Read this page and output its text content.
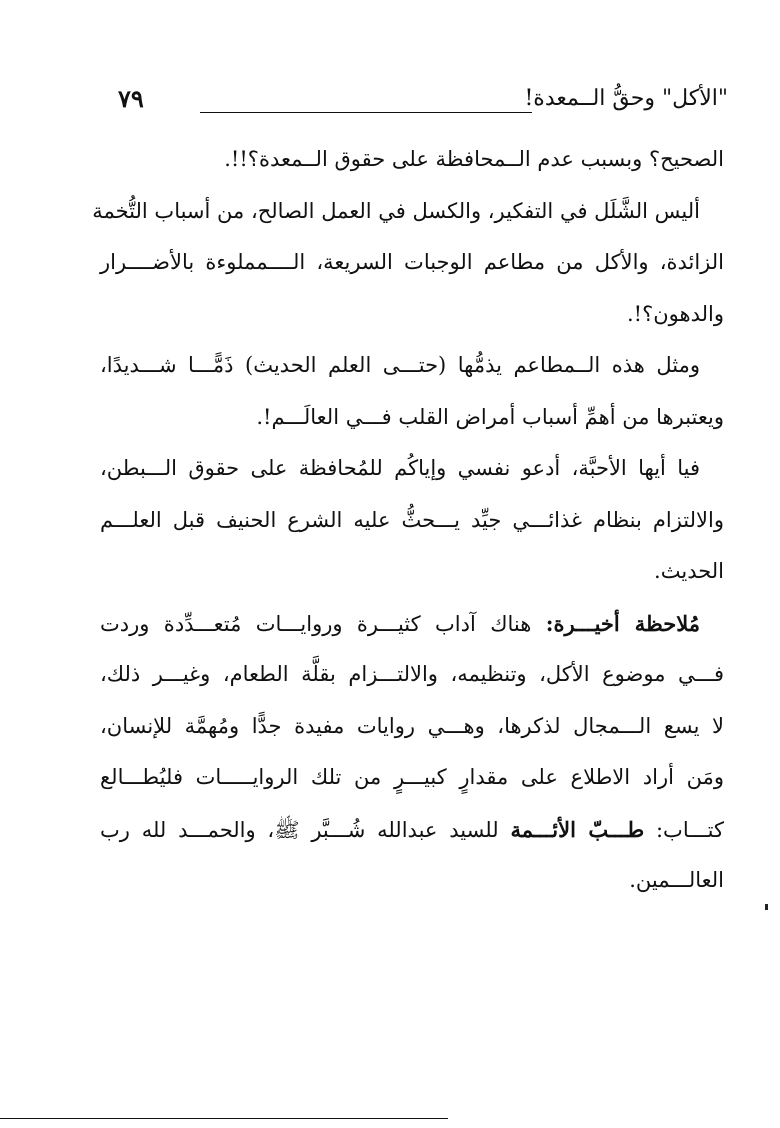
"الأكل" وحقُّ الــمعدة!
٧٩
الصحيح؟ وبسبب عدم الــمحافظة على حقوق الــمعدة؟!!.
أليس الشَّلَل في التفكير، والكسل في العمل الصالح، من أسباب التُّخمة
الزائدة، والأكل من مطاعم الوجبات السريعة، الــــمملوءة بالأضــــرار
والدهون؟!.
ومثل هذه الــمطاعم يذمُّها (حتـــى العلم الحديث) ذَمًّـــا شـــديدًا،
ويعتبرها من أهمِّ أسباب أمراض القلب فـــي العالَـــم!.
فيا أيها الأحبَّة، أدعو نفسي وإياكُم للمُحافظة على حقوق الـــبطن،
والالتزام بنظام غذائـــي جيِّد يـــحثُّ عليه الشرع الحنيف قبل العلـــم
الحديث.
مُلاحظة أخيـــرة: هناك آداب كثيـــرة وروايـــات مُتعـــدِّدة وردت
فـــي موضوع الأكل، وتنظيمه، والالتـــزام بقلَّة الطعام، وغيـــر ذلك،
لا يسع الـــمجال لذكرها، وهـــي روايات مفيدة جدًّا ومُهمَّة للإنسان،
ومَن أراد الاطلاع على مقدارٍ كبيـــرٍ من تلك الروايـــــات فليُطـــالع
كتـــاب: طـــبّ الأئـــمة للسيد عبدالله شُـــبَّر ﷺ، والحمـــد لله رب
العالـــمين.
